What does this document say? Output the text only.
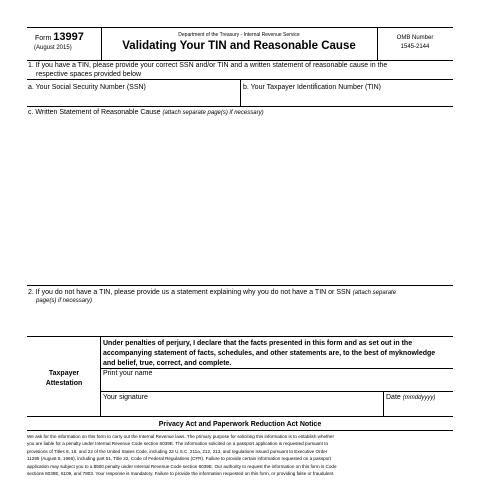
Form 13997
(August 2015)
Department of the Treasury - Internal Revenue Service
Validating Your TIN and Reasonable Cause
OMB Number
1545-2144
1. If you have a TIN, please provide your correct SSN and/or TIN and a written statement of reasonable cause in the
respective spaces provided below
a. Your Social Security Number (SSN)	b. Your Taxpayer Identification Number (TIN)
c. Written Statement of Reasonable Cause (attach separate page(s) if necessary)
2. If you do not have a TIN, please provide us a statement explaining why you do not have a TIN or SSN (attach separate
page(s) if necessary)
Taxpayer
Attestation
Under penalties of perjury, I declare that the facts presented in this form and as set out in the accompanying statement of facts, schedules, and other statements are, to the best of myknowledge and belief, true, correct, and complete.
Print your name
Your signature	Date (mmddyyyy)
Privacy Act and Paperwork Reduction Act Notice
We ask for the information on this form to carry out the Internal Revenue laws. The primary purpose for soliciting this information is to establish whether
you are liable for a penalty under Internal Revenue Code section 6039E. The information solicited on a passport application is requested pursuant to
provisions of Titles 8, 18, and 22 of the United States Code, including 22 U.S.C. 211a, 212, 213, and regulations issued pursuant to Executive Order
11295 (August 5, 1966), including part 51, Title 22, Code of Federal Regulations (CFR). Failure to provide certain information requested on a passport
application may subject you to a $500 penalty under Internal Revenue Code section 6039E. Our authority to request the information on this form is Code
sections 6039E, 6109, and 7803. Your response is mandatory. Failure to provide the information requested on this form, or providing false or fraudulent
